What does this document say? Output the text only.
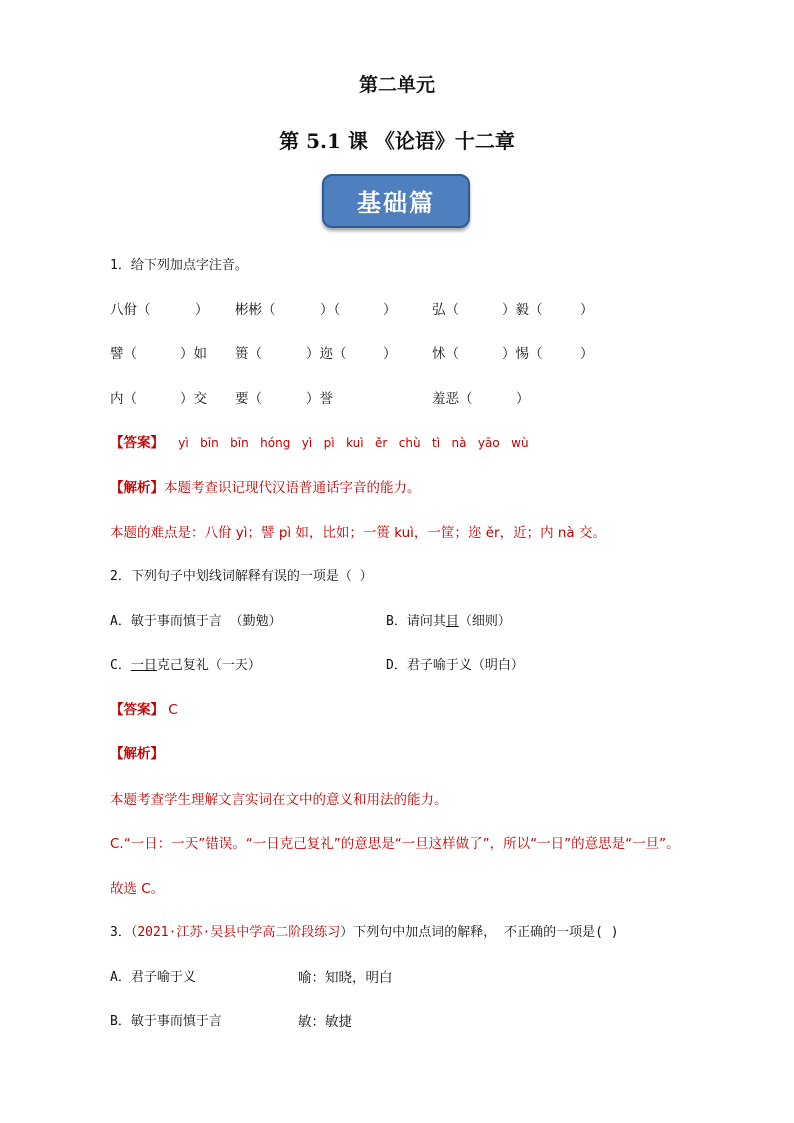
第二单元
第 5.1 课 《论语》十二章
基础篇
1．给下列加点字注音。
八佾（	） 彬彬（	）（	）	弘（	）毅（	）
譬（	）如 篑（	）迩（	）	怵（	）惕（	）
内（	）交 要（	）誉	羞恶（	）
【答案】 yì   bīn   bīn   hóng   yì   pì   kuì   ěr   chù   tì   nà   yāo   wù
【解析】本题考查识记现代汉语普通话字音的能力。
本题的难点是：八佾 yì；譬 pì 如，比如；一篑 kuì，一筐；迩 ěr，近；内 nà 交。
2．下列句子中划线词解释有误的一项是（ ）
A．敏于事而慎于言 （勤勉）	B．请问其目（细则）
C．一日克己复礼（一天）	D．君子喻于义（明白）
【答案】 C
【解析】
本题考查学生理解文言实词在文中的意义和用法的能力。
C.“一日：一天”错误。“一日克己复礼”的意思是“一旦这样做了”，所以“一日”的意思是“一旦”。
故选 C。
3．（2021·江苏·吴县中学高二阶段练习）下列句中加点词的解释， 不正确的一项是( )
A．君子喻于义	喻：知晓，明白
B．敏于事而慎于言	敏：敏捷
